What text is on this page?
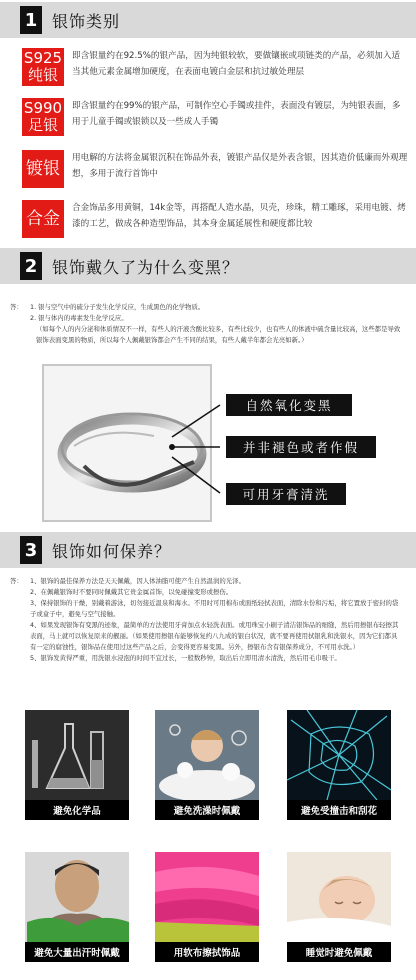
1 银饰类别
S925
纯银
即含银量约在92.5%的银产品，因为纯银较软，要做镶嵌或项链类的产品，必须加入适当其他元素金属增加硬度，在表面电镀白金层和抗过敏处理层
S990
足银
即含银量约在99%的银产品，可制作空心手镯或挂件，表面没有镀层，为纯银表面，多用于儿童手镯或银锁以及一些成人手镯
镀银
用电解的方法将金属银沉积在饰品外表，镀银产品仅是外表含银，因其造价低廉而外观理想，多用于流行首饰中
合金
合金饰品多用黄铜，14k金等，再搭配人造水晶，贝壳，珍珠，精工雕琢，采用电镀、烤漆的工艺，做成各种造型饰品，其本身金属延展性和硬度都比较
2 银饰戴久了为什么变黑？
答： 1. 银与空气中的硫分子发生化学反应，生成黑色的化学物质。
2. 银与体内的毒素发生化学反应。
（如每个人的内分泌和体质情况不一样，有些人的汗液含酸比较多，有些比较少，也有些人的体液中硫含量比较高，这些都是导致银饰表面变黑的物质，所以每个人佩戴银饰都会产生不同的结果，有些人戴半年都会光亮如新。）
自然氧化变黑
并非褪色或者作假
可用牙膏清洗
3 银饰如何保养？
答： 1、银饰的最佳保养方法是天天佩戴，因人体油脂可使产生自然温润的光泽。
2、在佩戴银饰时不要同时佩戴其它贵金属首饰，以免碰撞变形或擦伤。
3、保持银饰的干燥，别戴着游泳，切勿接近温泉和海水。不用时可用棉布或面纸轻拭表面，清除水份和污垢，将它置放于密封的袋子或盒子中，避免与空气接触。
4、如果发现银饰有变黑的迹象，最简单的方法使用牙膏加点水轻洗表面。或用珠宝小刷子清洁银饰品的细缝，然后用擦银布轻擦其表面，马上就可以恢复原来的靓丽。（如果使用擦银布能够恢复约八九成的银白状况，就不要再使用拭银乳和洗银水，因为它们都具有一定的腐蚀性，银饰品在使用过这些产品之后，会变得更容易变黑。另外，擦银布含有银保养成分，不可用水洗。）
5、银饰发黄得严重，用洗银水浸泡的时间不宜过长，一般数秒钟，取出后立即用清水清洗，然后用毛巾吸干。
避免化学品	避免洗澡时佩戴	避免受撞击和刮花
避免大量出汗时佩戴	用软布擦拭饰品	睡觉时避免佩戴
